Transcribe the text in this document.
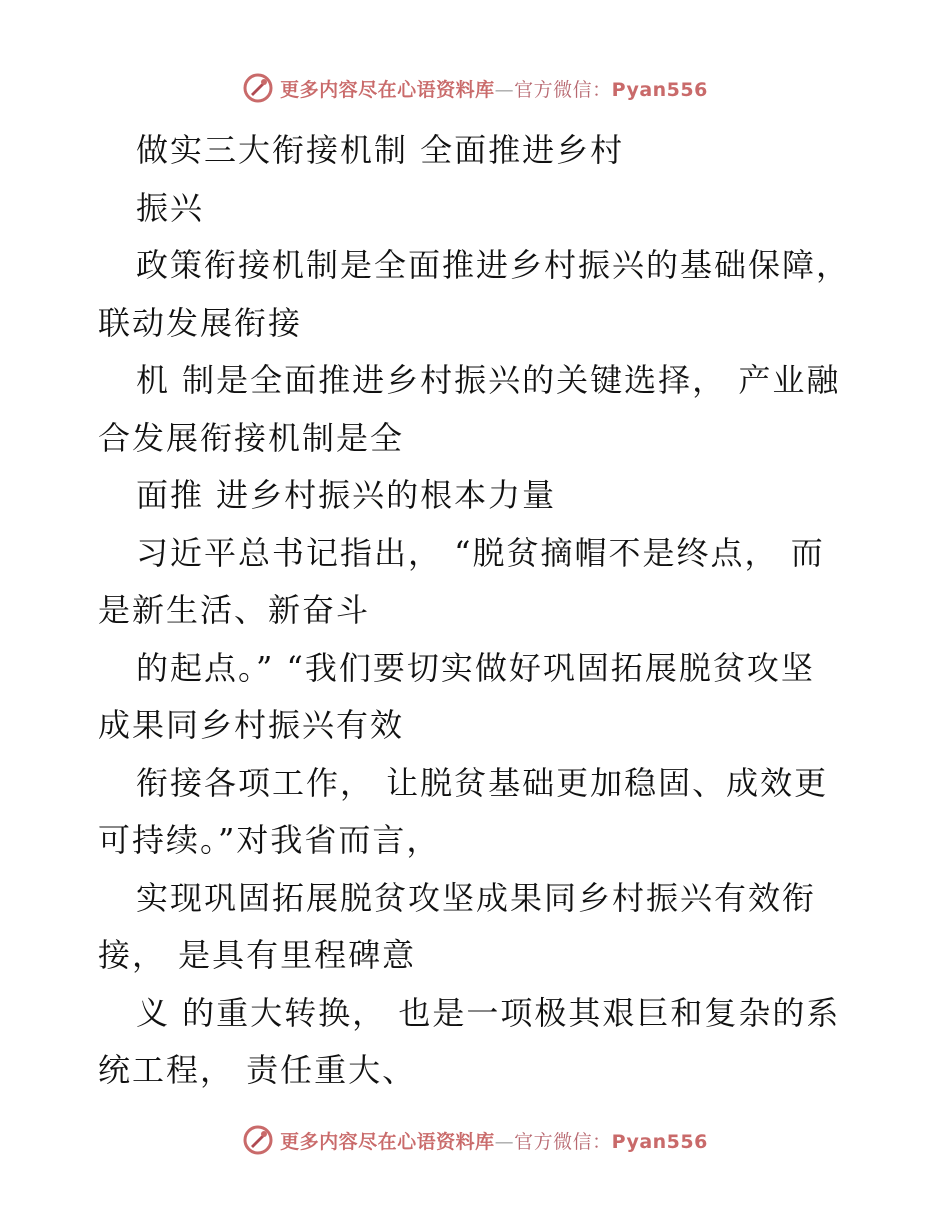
更多内容尽在心语资料库—官方微信：Pyan556
做实三大衔接机制 全面推进乡村
振兴
政策衔接机制是全面推进乡村振兴的基础保障，
联动发展衔接
机 制是全面推进乡村振兴的关键选择， 产业融
合发展衔接机制是全
面推 进乡村振兴的根本力量
习近平总书记指出， “脱贫摘帽不是终点， 而
是新生活、新奋斗
的起点。” “我们要切实做好巩固拓展脱贫攻坚
成果同乡村振兴有效
衔接各项工作， 让脱贫基础更加稳固、成效更
可持续。”对我省而言，
实现巩固拓展脱贫攻坚成果同乡村振兴有效衔
接， 是具有里程碑意
义 的重大转换， 也是一项极其艰巨和复杂的系
统工程， 责任重大、
更多内容尽在心语资料库—官方微信：Pyan556
